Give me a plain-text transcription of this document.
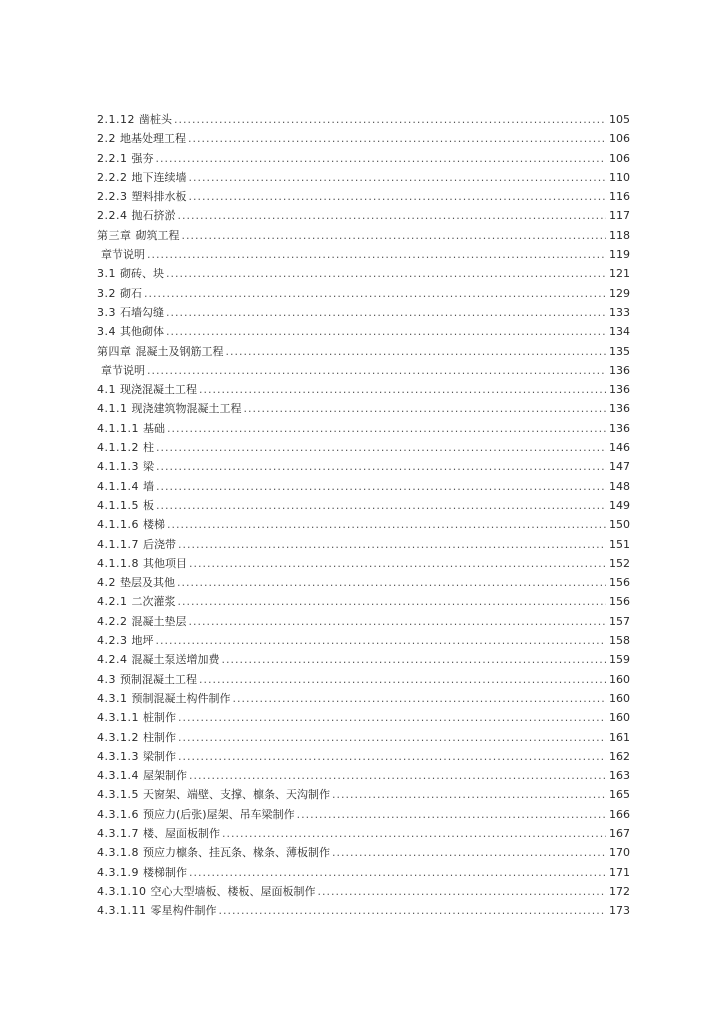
2.1.12 凿桩头 .....	105
2.2 地基处理工程 .....	106
2.2.1 强夯 .....	106
2.2.2 地下连续墙 .....	110
2.2.3 塑料排水板 .....	116
2.2.4 抛石挤淤 .....	117
第三章 砌筑工程 .....	118
章节说明 .....	119
3.1 砌砖、块 .....	121
3.2 砌石 .....	129
3.3 石墙勾缝 .....	133
3.4 其他砌体 .....	134
第四章 混凝土及钢筋工程 .....	135
章节说明 .....	136
4.1 现浇混凝土工程 .....	136
4.1.1 现浇建筑物混凝土工程 .....	136
4.1.1.1 基础 .....	136
4.1.1.2 柱 .....	146
4.1.1.3 梁 .....	147
4.1.1.4 墙 .....	148
4.1.1.5 板 .....	149
4.1.1.6 楼梯 .....	150
4.1.1.7 后浇带 .....	151
4.1.1.8 其他项目 .....	152
4.2 垫层及其他 .....	156
4.2.1 二次灌浆 .....	156
4.2.2 混凝土垫层 .....	157
4.2.3 地坪 .....	158
4.2.4 混凝土泵送增加费 .....	159
4.3 预制混凝土工程 .....	160
4.3.1 预制混凝土构件制作 .....	160
4.3.1.1 桩制作 .....	160
4.3.1.2 柱制作 .....	161
4.3.1.3 梁制作 .....	162
4.3.1.4 屋架制作 .....	163
4.3.1.5 天窗架、端壁、支撑、檩条、天沟制作 .....	165
4.3.1.6 预应力(后张)屋架、吊车梁制作 .....	166
4.3.1.7 楼、屋面板制作 .....	167
4.3.1.8 预应力檩条、挂瓦条、椽条、薄板制作 .....	170
4.3.1.9 楼梯制作 .....	171
4.3.1.10 空心大型墙板、楼板、屋面板制作 .....	172
4.3.1.11 零星构件制作 .....	173
